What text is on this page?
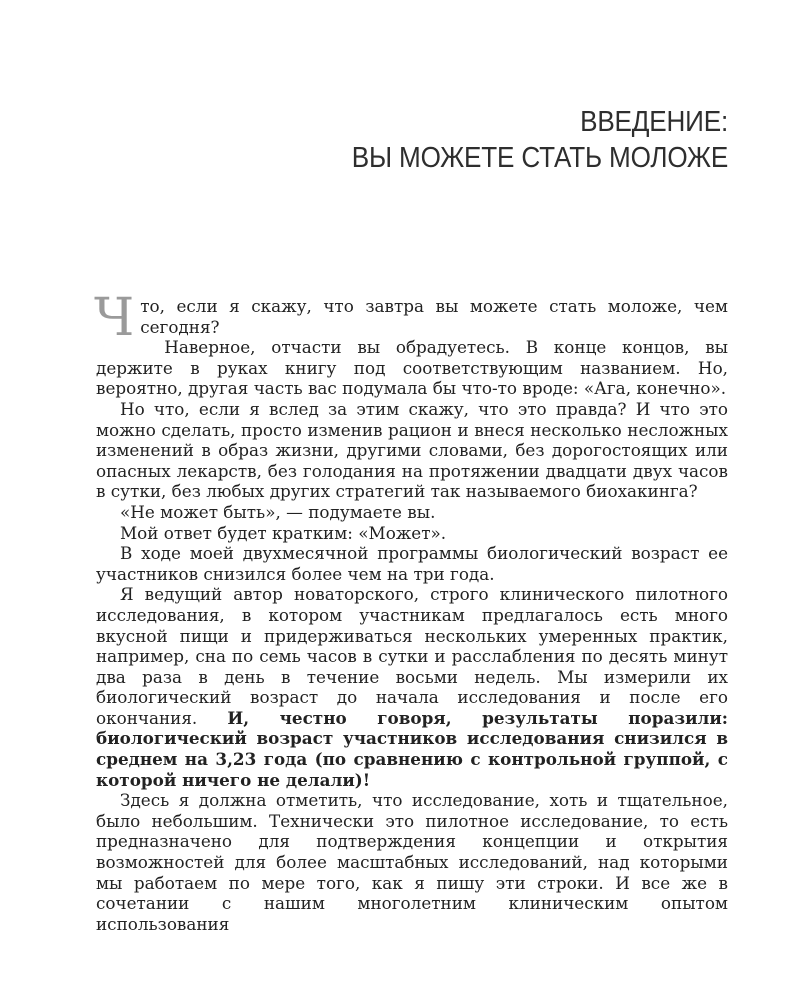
ВВЕДЕНИЕ:
ВЫ МОЖЕТЕ СТАТЬ МОЛОЖЕ

Что, если я скажу, что завтра вы можете стать моложе, чем сегодня?

Наверное, отчасти вы обрадуетесь. В конце концов, вы держите в руках книгу под соответствующим названием. Но, вероятно, другая часть вас подумала бы что-то вроде: «Ага, конечно».

Но что, если я вслед за этим скажу, что это правда? И что это можно сделать, просто изменив рацион и внеся несколько несложных изменений в образ жизни, другими словами, без дорогостоящих или опасных лекарств, без голодания на протяжении двадцати двух часов в сутки, без любых других стратегий так называемого биохакинга?

«Не может быть», — подумаете вы.

Мой ответ будет кратким: «Может».

В ходе моей двухмесячной программы биологический возраст ее участников снизился более чем на три года.

Я ведущий автор новаторского, строго клинического пилотного исследования, в котором участникам предлагалось есть много вкусной пищи и придерживаться нескольких умеренных практик, например, сна по семь часов в сутки и расслабления по десять минут два раза в день в течение восьми недель. Мы измерили их биологический возраст до начала исследования и после его окончания. И, честно говоря, результаты поразили: биологический возраст участников исследования снизился в среднем на 3,23 года (по сравнению с контрольной группой, с которой ничего не делали)!

Здесь я должна отметить, что исследование, хоть и тщательное, было небольшим. Технически это пилотное исследование, то есть предназначено для подтверждения концепции и открытия возможностей для более масштабных исследований, над которыми мы работаем по мере того, как я пишу эти строки. И все же в сочетании с нашим многолетним клиническим опытом использования
